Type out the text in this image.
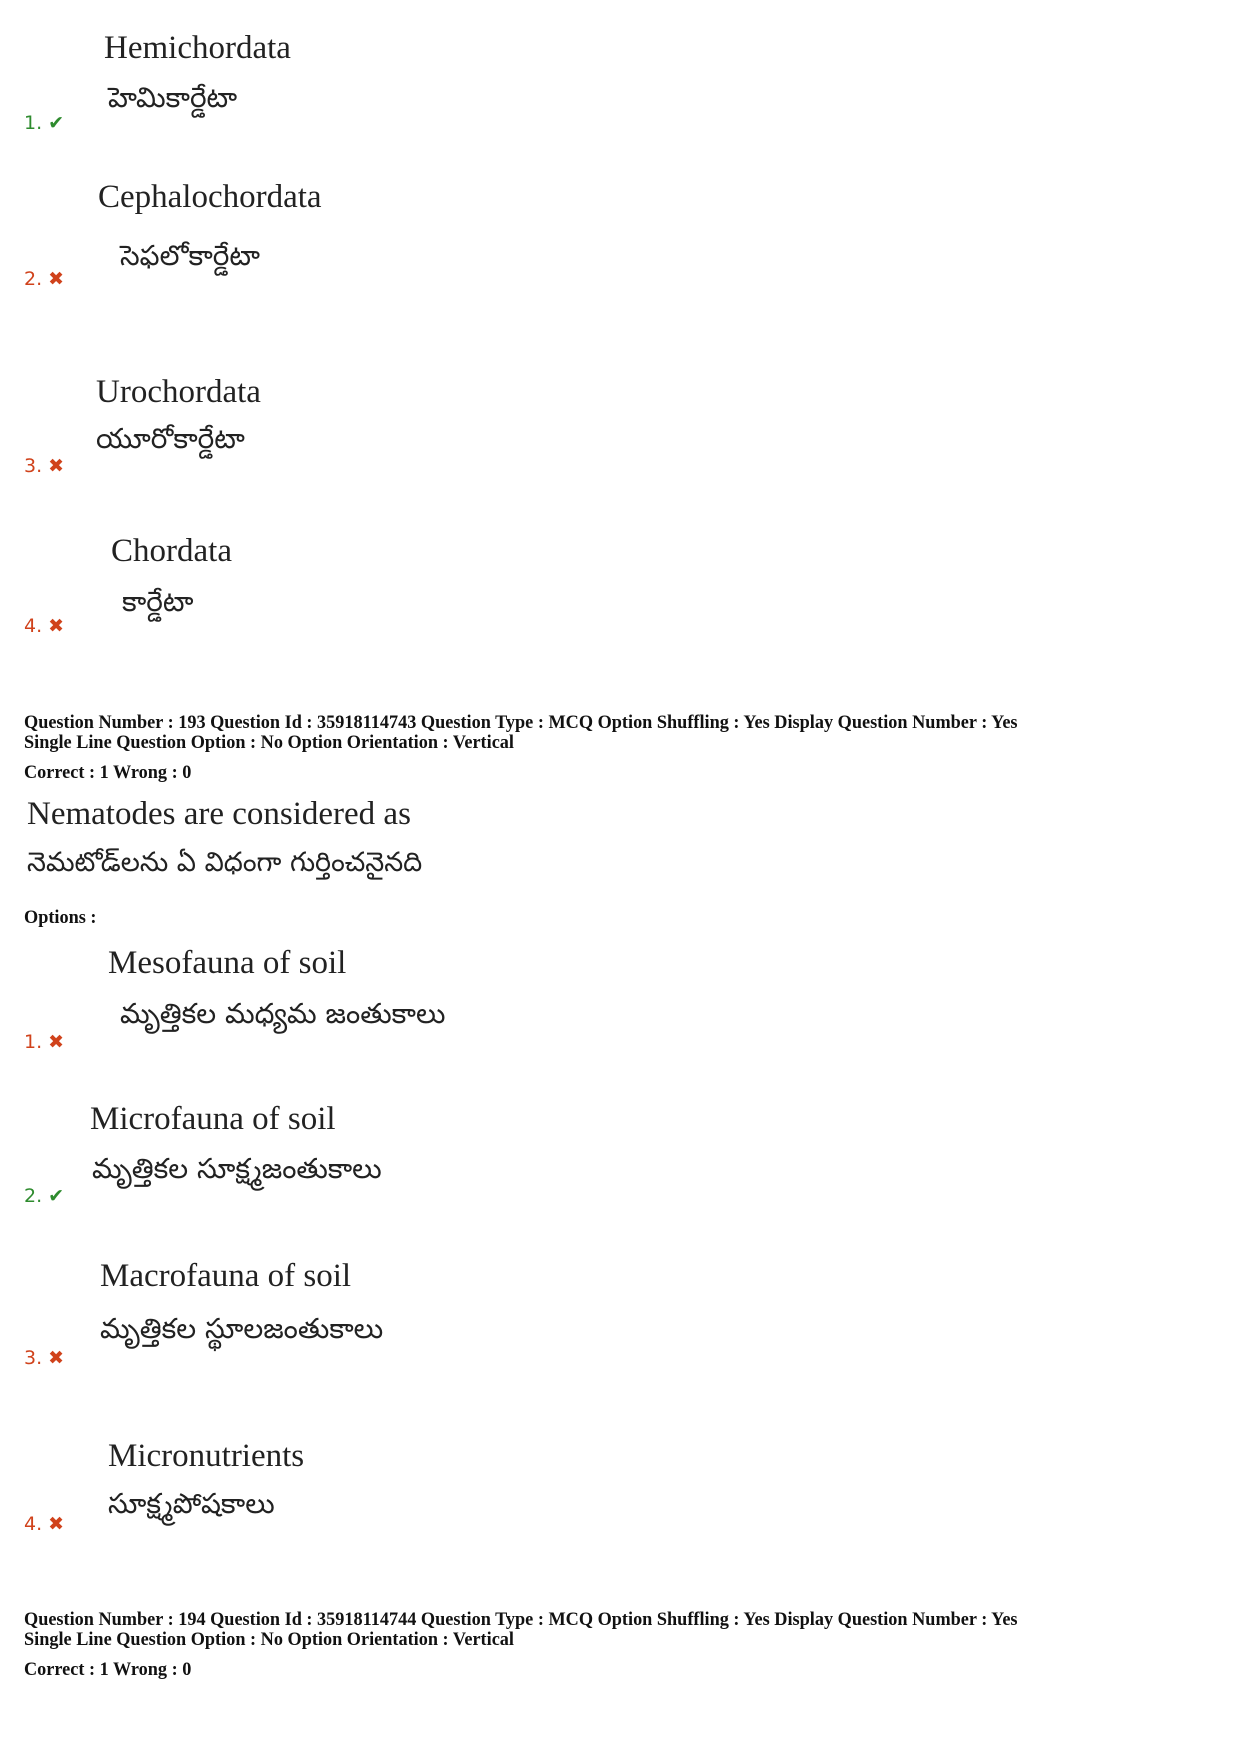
Hemichordata
హెమికార్డేటా
1. ✔
Cephalochordata
సెఫలోకార్డేటా
2. ✖
Urochordata
యూరోకార్డేటా
3. ✖
Chordata
కార్డేటా
4. ✖
Question Number : 193 Question Id : 35918114743 Question Type : MCQ Option Shuffling : Yes Display Question Number : Yes
Single Line Question Option : No Option Orientation : Vertical
Correct : 1 Wrong : 0
Nematodes are considered as
నెమటోడ్‌లను ఏ విధంగా గుర్తించనైనది
Options :
Mesofauna of soil
మృత్తికల మధ్యమ జంతుకాలు
1. ✖
Microfauna of soil
మృత్తికల సూక్ష్మజంతుకాలు
2. ✔
Macrofauna of soil
మృత్తికల స్థూలజంతుకాలు
3. ✖
Micronutrients
సూక్ష్మపోషకాలు
4. ✖
Question Number : 194 Question Id : 35918114744 Question Type : MCQ Option Shuffling : Yes Display Question Number : Yes
Single Line Question Option : No Option Orientation : Vertical
Correct : 1 Wrong : 0
